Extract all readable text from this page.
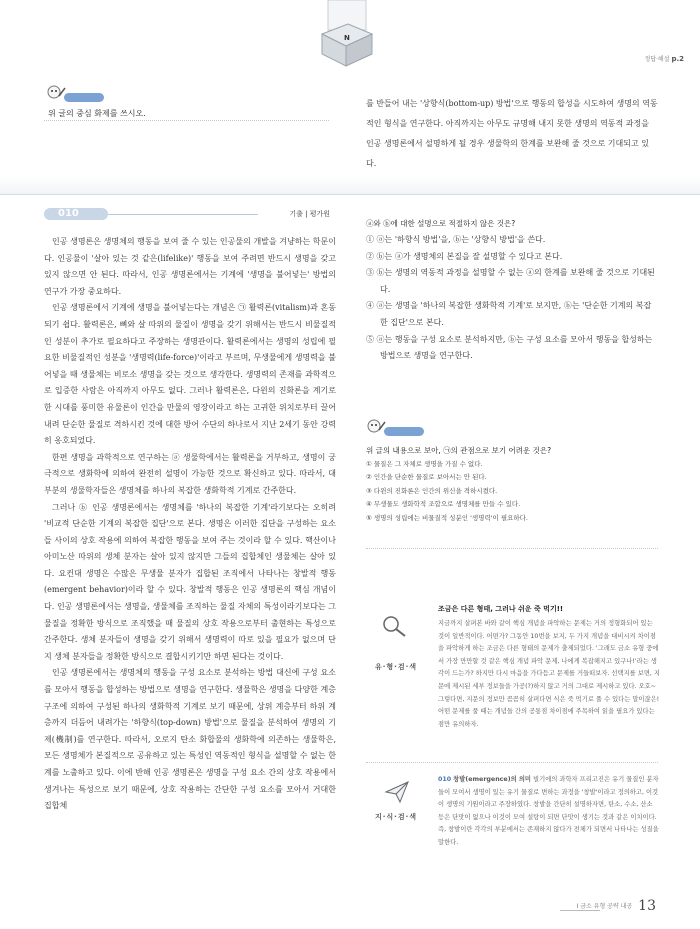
N
정답·해설 p.2
위 글의 중심 화제를 쓰시오.
를 반들어 내는 '상향식(bottom-up) 방법'으로 행동의 합성을 시도하여 생명의 역동적인 형식을 연구한다. 아직까지는 아무도 규명해 내지 못한 생명의 역동적 과정을 인공 생명론에서 설명하게 될 경우 생물학의 한계를 보완해 줄 것으로 기대되고 있다.
010	기출 | 평가원

인공 생명론은 생명체의 행동을 보여 줄 수 있는 인공물의 개발을 겨냥하는 학문이다. 인공물이 '살아 있는 것 같은(lifelike)' 행동을 보여 주려면 반드시 생명을 갖고 있지 않으면 안 된다. 따라서, 인공 생명론에서는 기계에 '생명을 불어넣는' 방법의 연구가 가장 중요하다.

인공 생명론에서 기계에 생명을 불어넣는다는 개념은 ㉠ 활력론(vitalism)과 혼동되기 쉽다. 활력론은, 뼈와 살 따위의 물질이 생명을 갖기 위해서는 반드시 비물질적인 성분이 추가로 필요하다고 주장하는 생명관이다. 활력론에서는 생명의 성립에 필요한 비물질적인 성분을 '생명력(life-force)'이라고 부르며, 무생물에게 생명력을 불어넣을 때 생물체는 비로소 생명을 갖는 것으로 생각한다. 생명력의 존재를 과학적으로 입증한 사람은 아직까지 아무도 없다. 그러나 활력론은, 다윈의 진화론을 계기로 한 시대를 풍미한 유물론이 인간을 만물의 영장이라고 하는 고귀한 위치로부터 끌어내려 단순한 물질로 격하시킨 것에 대한 방어 수단의 하나로서 지난 2세기 동안 강력히 옹호되었다.

한편 생명을 과학적으로 연구하는 ⓐ 생물학에서는 활력론을 거부하고, 생명이 궁극적으로 생화학에 의하여 완전히 설명이 가능한 것으로 확신하고 있다. 따라서, 대부분의 생물학자들은 생명체를 하나의 복잡한 생화학적 기계로 간주한다.

그러나 ⓑ 인공 생명론에서는 생명체를 '하나의 복잡한 기계'라기보다는 오히려 '비교적 단순한 기계의 복잡한 집단'으로 본다. 생명은 이러한 집단을 구성하는 요소들 사이의 상호 작용에 의하여 복잡한 행동을 보여 주는 것이라 할 수 있다. 핵산이나 아미노산 따위의 생체 분자는 살아 있지 않지만 그들의 집합체인 생물체는 살아 있다. 요컨대 생명은 수많은 무생물 분자가 집합된 조직에서 나타나는 창발적 행동(emergent behavior)이라 할 수 있다. 창발적 행동은 인공 생명론의 핵심 개념이다. 인공 생명론에서는 생명을, 생물체를 조직하는 물질 자체의 특성이라기보다는 그 물질을 정확한 방식으로 조직했을 때 물질의 상호 작용으로부터 출현하는 특성으로 간주한다. 생체 분자들이 생명을 갖기 위해서 생명력이 따로 있을 필요가 없으며 단지 생체 분자들을 정확한 방식으로 결합시키기만 하면 된다는 것이다.

인공 생명론에서는 생명체의 행동을 구성 요소로 분석하는 방법 대신에 구성 요소를 모아서 행동을 합성하는 방법으로 생명을 연구한다. 생물학은 생명을 다양한 계층 구조에 의하여 구성된 하나의 생화학적 기계로 보기 때문에, 상위 계층부터 하위 계층까지 더듬어 내려가는 '하향식(top-down) 방법'으로 물질을 분석하여 생명의 기제(機制)를 연구한다. 따라서, 오로지 탄소 화합물의 생화학에 의존하는 생물학은, 모든 생명체가 본질적으로 공유하고 있는 특성인 역동적인 형식을 설명할 수 없는 한계를 노출하고 있다. 이에 반해 인공 생명론은 생명을 구성 요소 간의 상호 작용에서 생겨나는 특성으로 보기 때문에, 상호 작용하는 간단한 구성 요소를 모아서 거대한 집합체

ⓐ와 ⓑ에 대한 설명으로 적절하지 않은 것은?
① ⓐ는 '하향식 방법'을, ⓑ는 '상향식 방법'을 쓴다.
② ⓑ는 ⓐ가 생명체의 본질을 잘 설명할 수 있다고 본다.
③ ⓑ는 생명의 역동적 과정을 설명할 수 없는 ⓐ의 한계를 보완해 줄 것으로 기대된다.
④ ⓐ는 생명을 '하나의 복잡한 생화학적 기계'로 보지만, ⓑ는 '단순한 기계의 복잡한 집단'으로 본다.
⑤ ⓐ는 행동을 구성 요소로 분석하지만, ⓑ는 구성 요소를 모아서 행동을 합성하는 방법으로 생명을 연구한다.
위 글의 내용으로 보아, ㉠의 관점으로 보기 어려운 것은?
① 물질은 그 자체로 생명을 가질 수 없다.
② 인간을 단순한 물질로 보아서는 안 된다.
③ 다윈의 진화론은 인간의 위신을 격하시켰다.
④ 무생물도 생화학적 조합으로 생명체를 만들 수 있다.
⑤ 생명의 성립에는 비물질적 성분인 '생명력'이 필요하다.
유·형·검·색
조금은 다른 형태, 그러나 쉬운 죽 먹기!!
지금까지 살펴본 바와 같이 핵심 개념을 파악하는 문제는 거의 정형화되어 있는 것이 일반적이다. 어떤가? 그동안 10번을 보지, 두 가지 개념을 대비시켜 차이점을 파악하게 하는 조금은 다른 형태의 문제가 출제되었다. '그래도 금소 유형 중에서 가장 만만할 것 같은 핵심 개념 파악 문제, 나에게 복잡해지고 있구나!'라는 생각이 드는가? 하지만 다시 마음을 가다듬고 문제를 거들떠보자. 선택지를 보면, 지문에 제시된 세부 정보들을 가공(?)하지 않고 거의 그대로 제시하고 있다. 오호~ 그렇다면, 지문의 정보만 꼼꼼히 살펴다면 식은 죽 먹기로 풀 수 있다는 말이잖은! 어떤 문제를 풀 때는 개념들 간의 공통점 차이점에 주목하여 읽을 필요가 있다는 점만 유의하자.
지·식·검·색
010 창발(emergence)의 의미 빌기에의 과학자 프리고진은 유기 물질인 분자들이 모여서 생명이 있는 유기 물질로 변하는 과정을 '창발'이라고 정의하고, 이것이 생명의 기원이라고 주장하였다. 창발을 간단히 설명하자면, 탄소, 수소, 산소 등은 단맛이 없으나 이것이 모여 설탕이 되면 단맛이 생기는 것과 같은 이치이다. 즉, 창발이란 각각의 부분에서는 존재하지 않다가 전체가 되면서 나타나는 성질을 말한다.
Ⅰ 금소 유형 공략 내공 13
